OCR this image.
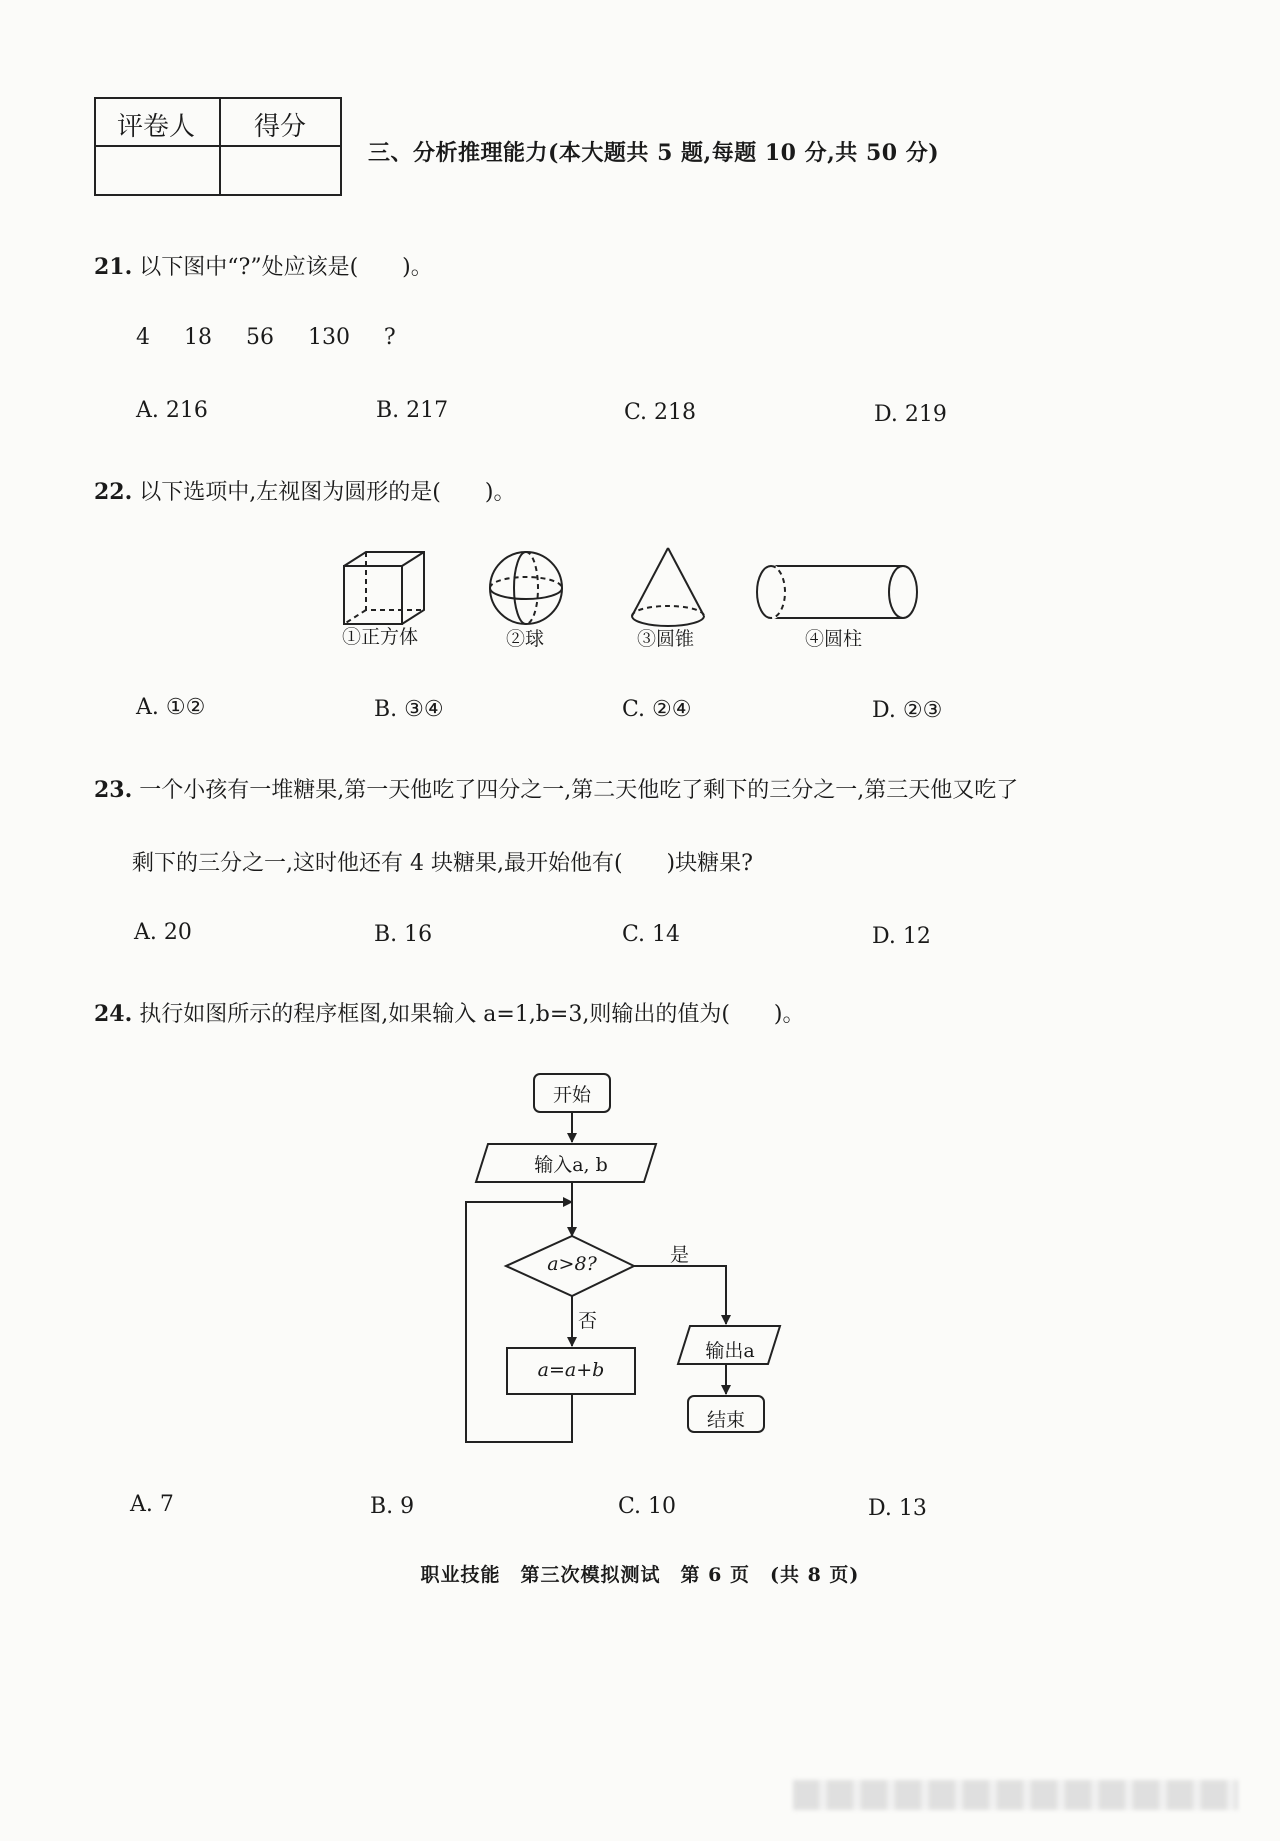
评卷人	得分
三、分析推理能力(本大题共 5 题,每题 10 分,共 50 分)
21. 以下图中“?”处应该是(　　)。
4  18  56  130  ?
A. 216	B. 217	C. 218	D. 219
22. 以下选项中,左视图为圆形的是(　　)。
①正方体	②球	③圆锥	④圆柱
A. ①②	B. ③④	C. ②④	D. ②③
23. 一个小孩有一堆糖果,第一天他吃了四分之一,第二天他吃了剩下的三分之一,第三天他又吃了
剩下的三分之一,这时他还有 4 块糖果,最开始他有(　　)块糖果?
A. 20	B. 16	C. 14	D. 12
24. 执行如图所示的程序框图,如果输入 a=1,b=3,则输出的值为(　　)。
开始
输入a, b
a>8?	是
否
a=a+b
输出a
结束
A. 7	B. 9	C. 10	D. 13
职业技能　第三次模拟测试　第 6 页　(共 8 页)
